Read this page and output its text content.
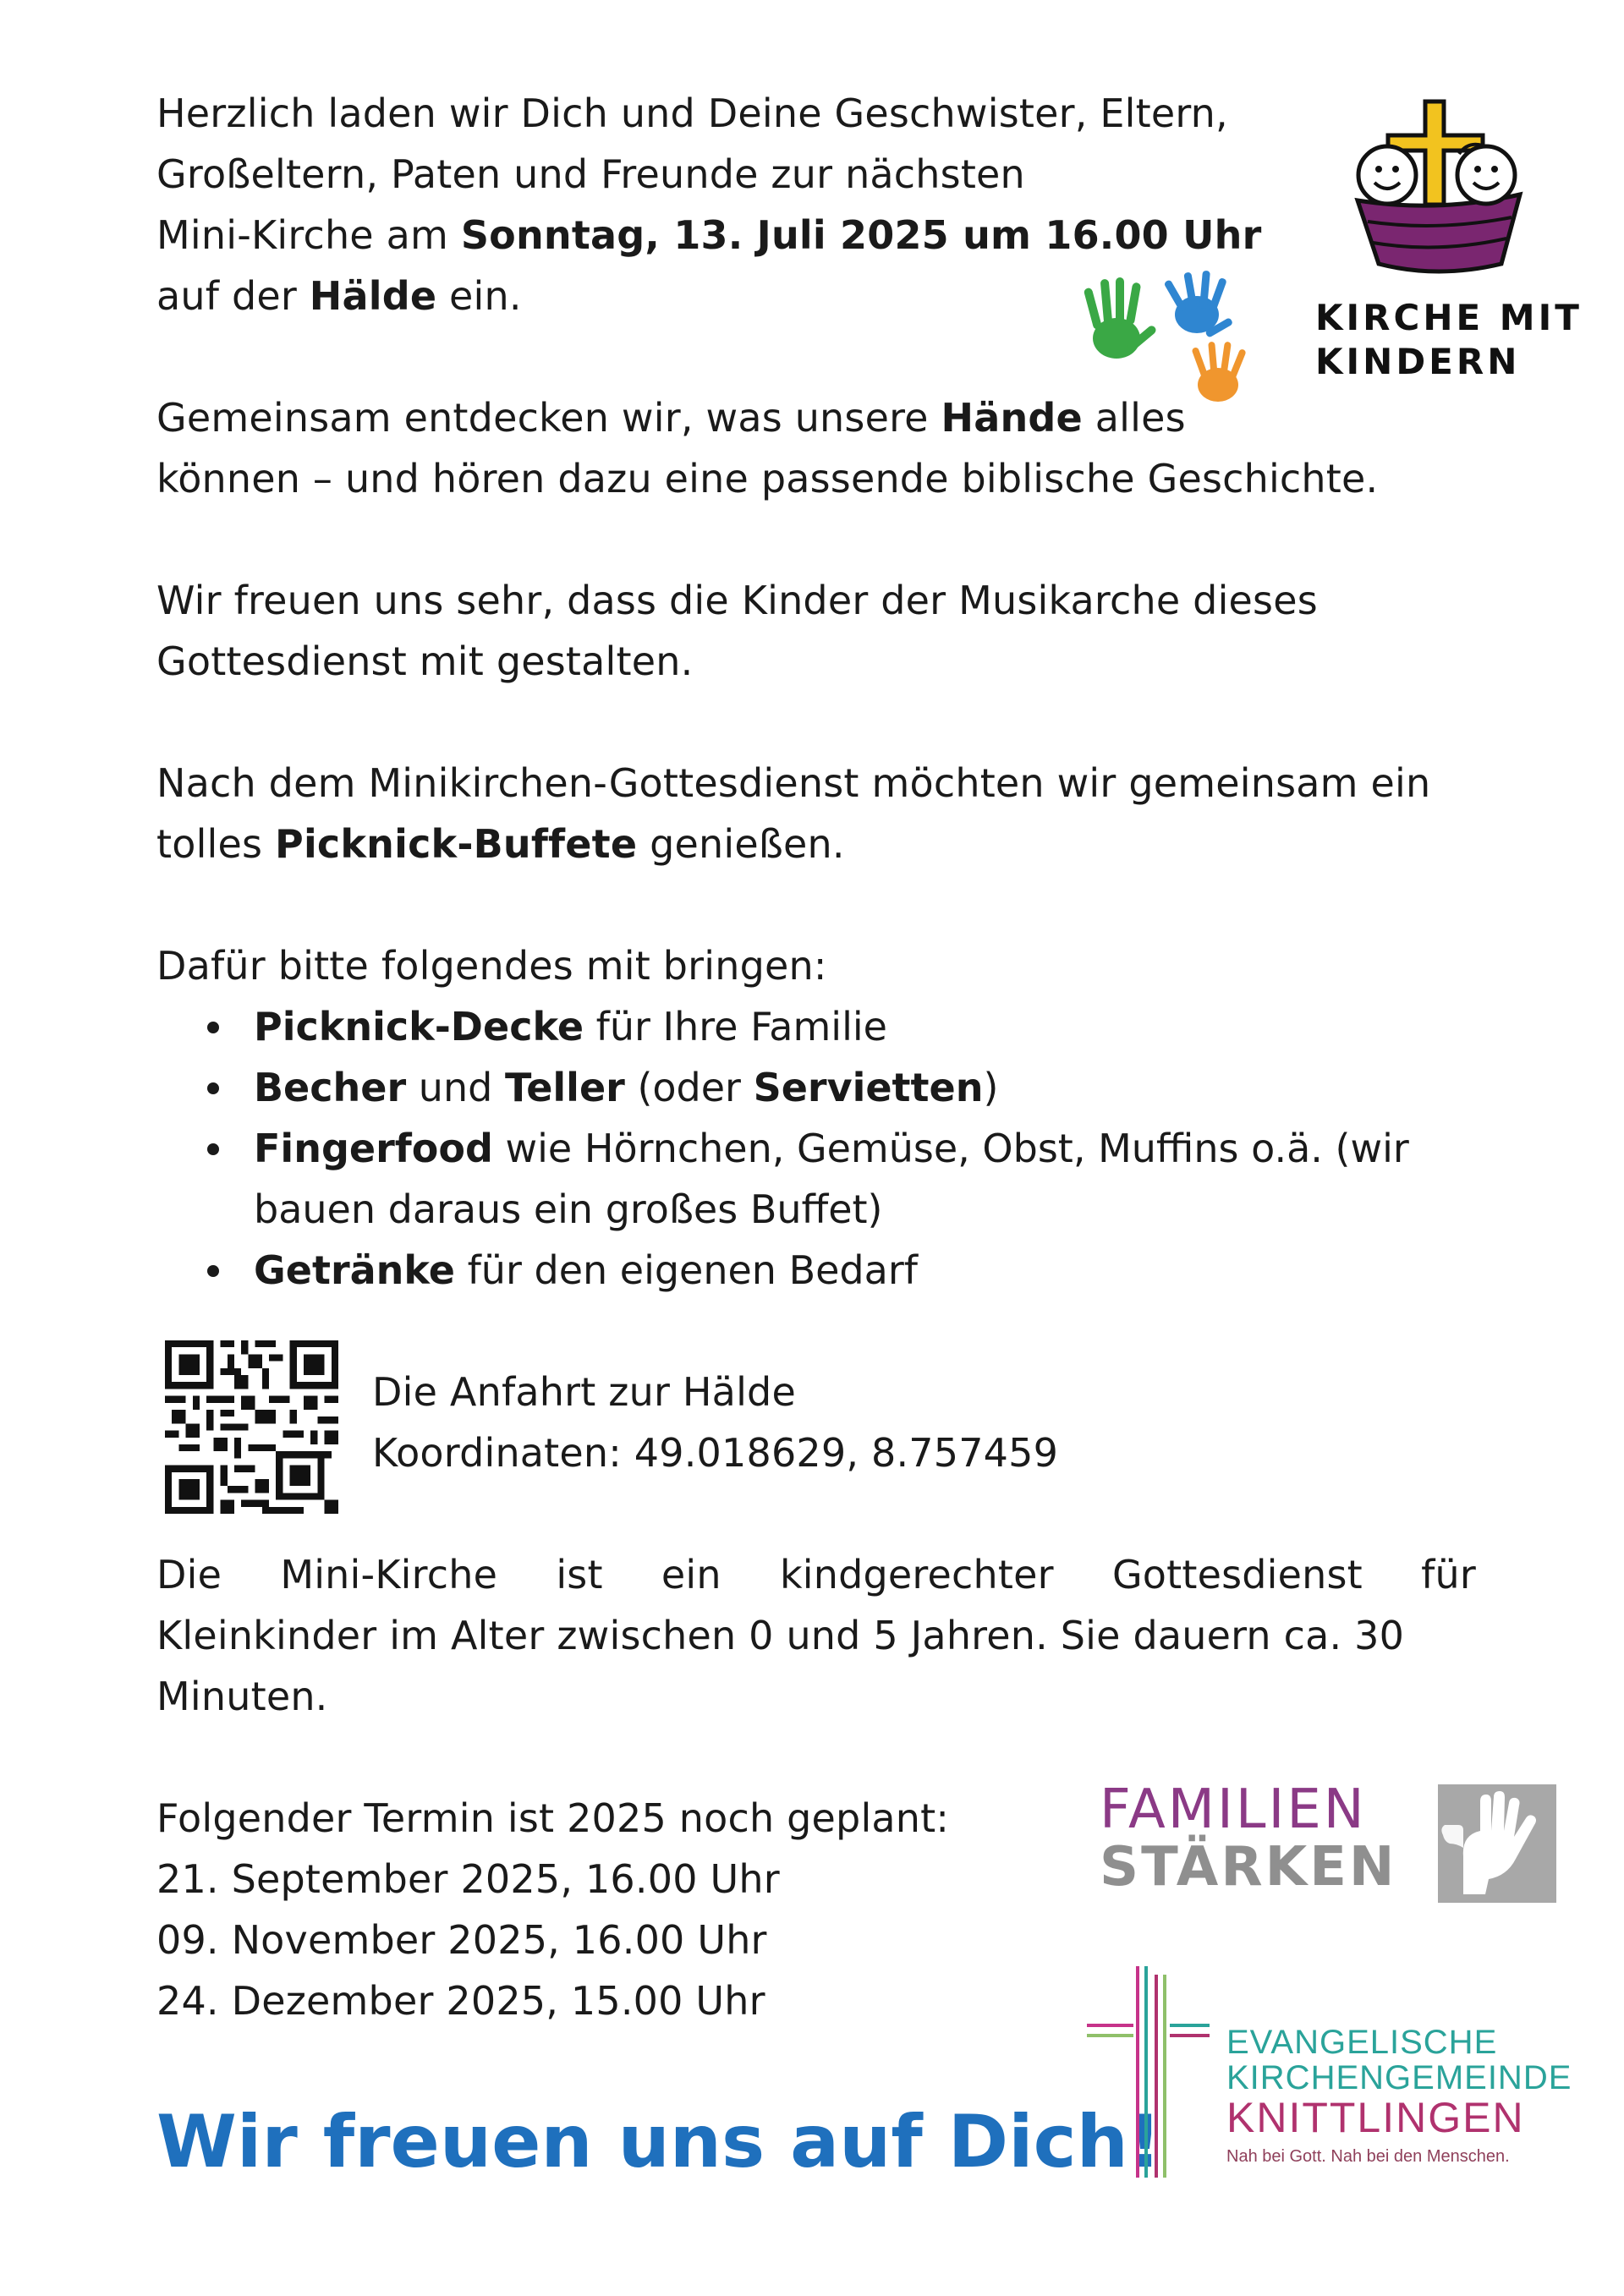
Herzlich laden wir Dich und Deine Geschwister, Eltern,
Großeltern, Paten und Freunde zur nächsten
Mini-Kirche am Sonntag, 13. Juli 2025 um 16.00 Uhr
auf der Hälde ein.
Gemeinsam entdecken wir, was unsere Hände alles
können – und hören dazu eine passende biblische Geschichte.
Wir freuen uns sehr, dass die Kinder der Musikarche dieses
Gottesdienst mit gestalten.
Nach dem Minikirchen-Gottesdienst möchten wir gemeinsam ein
tolles Picknick-Buffete genießen.
Dafür bitte folgendes mit bringen:
Picknick-Decke für Ihre Familie
Becher und Teller (oder Servietten)
Fingerfood wie Hörnchen, Gemüse, Obst, Muffins o.ä. (wir
bauen daraus ein großes Buffet)
Getränke für den eigenen Bedarf
Die Anfahrt zur Hälde
Koordinaten: 49.018629, 8.757459
Die Mini-Kirche ist ein kindgerechter Gottesdienst für
Kleinkinder im Alter zwischen 0 und 5 Jahren. Sie dauern ca. 30
Minuten.
Folgender Termin ist 2025 noch geplant:
21. September 2025, 16.00 Uhr
09. November 2025, 16.00 Uhr
24. Dezember 2025, 15.00 Uhr
Wir freuen uns auf Dich!
KIRCHE MIT
KINDERN
FAMILIEN
STÄRKEN
EVANGELISCHE
KIRCHENGEMEINDE
KNITTLINGEN
Nah bei Gott. Nah bei den Menschen.
